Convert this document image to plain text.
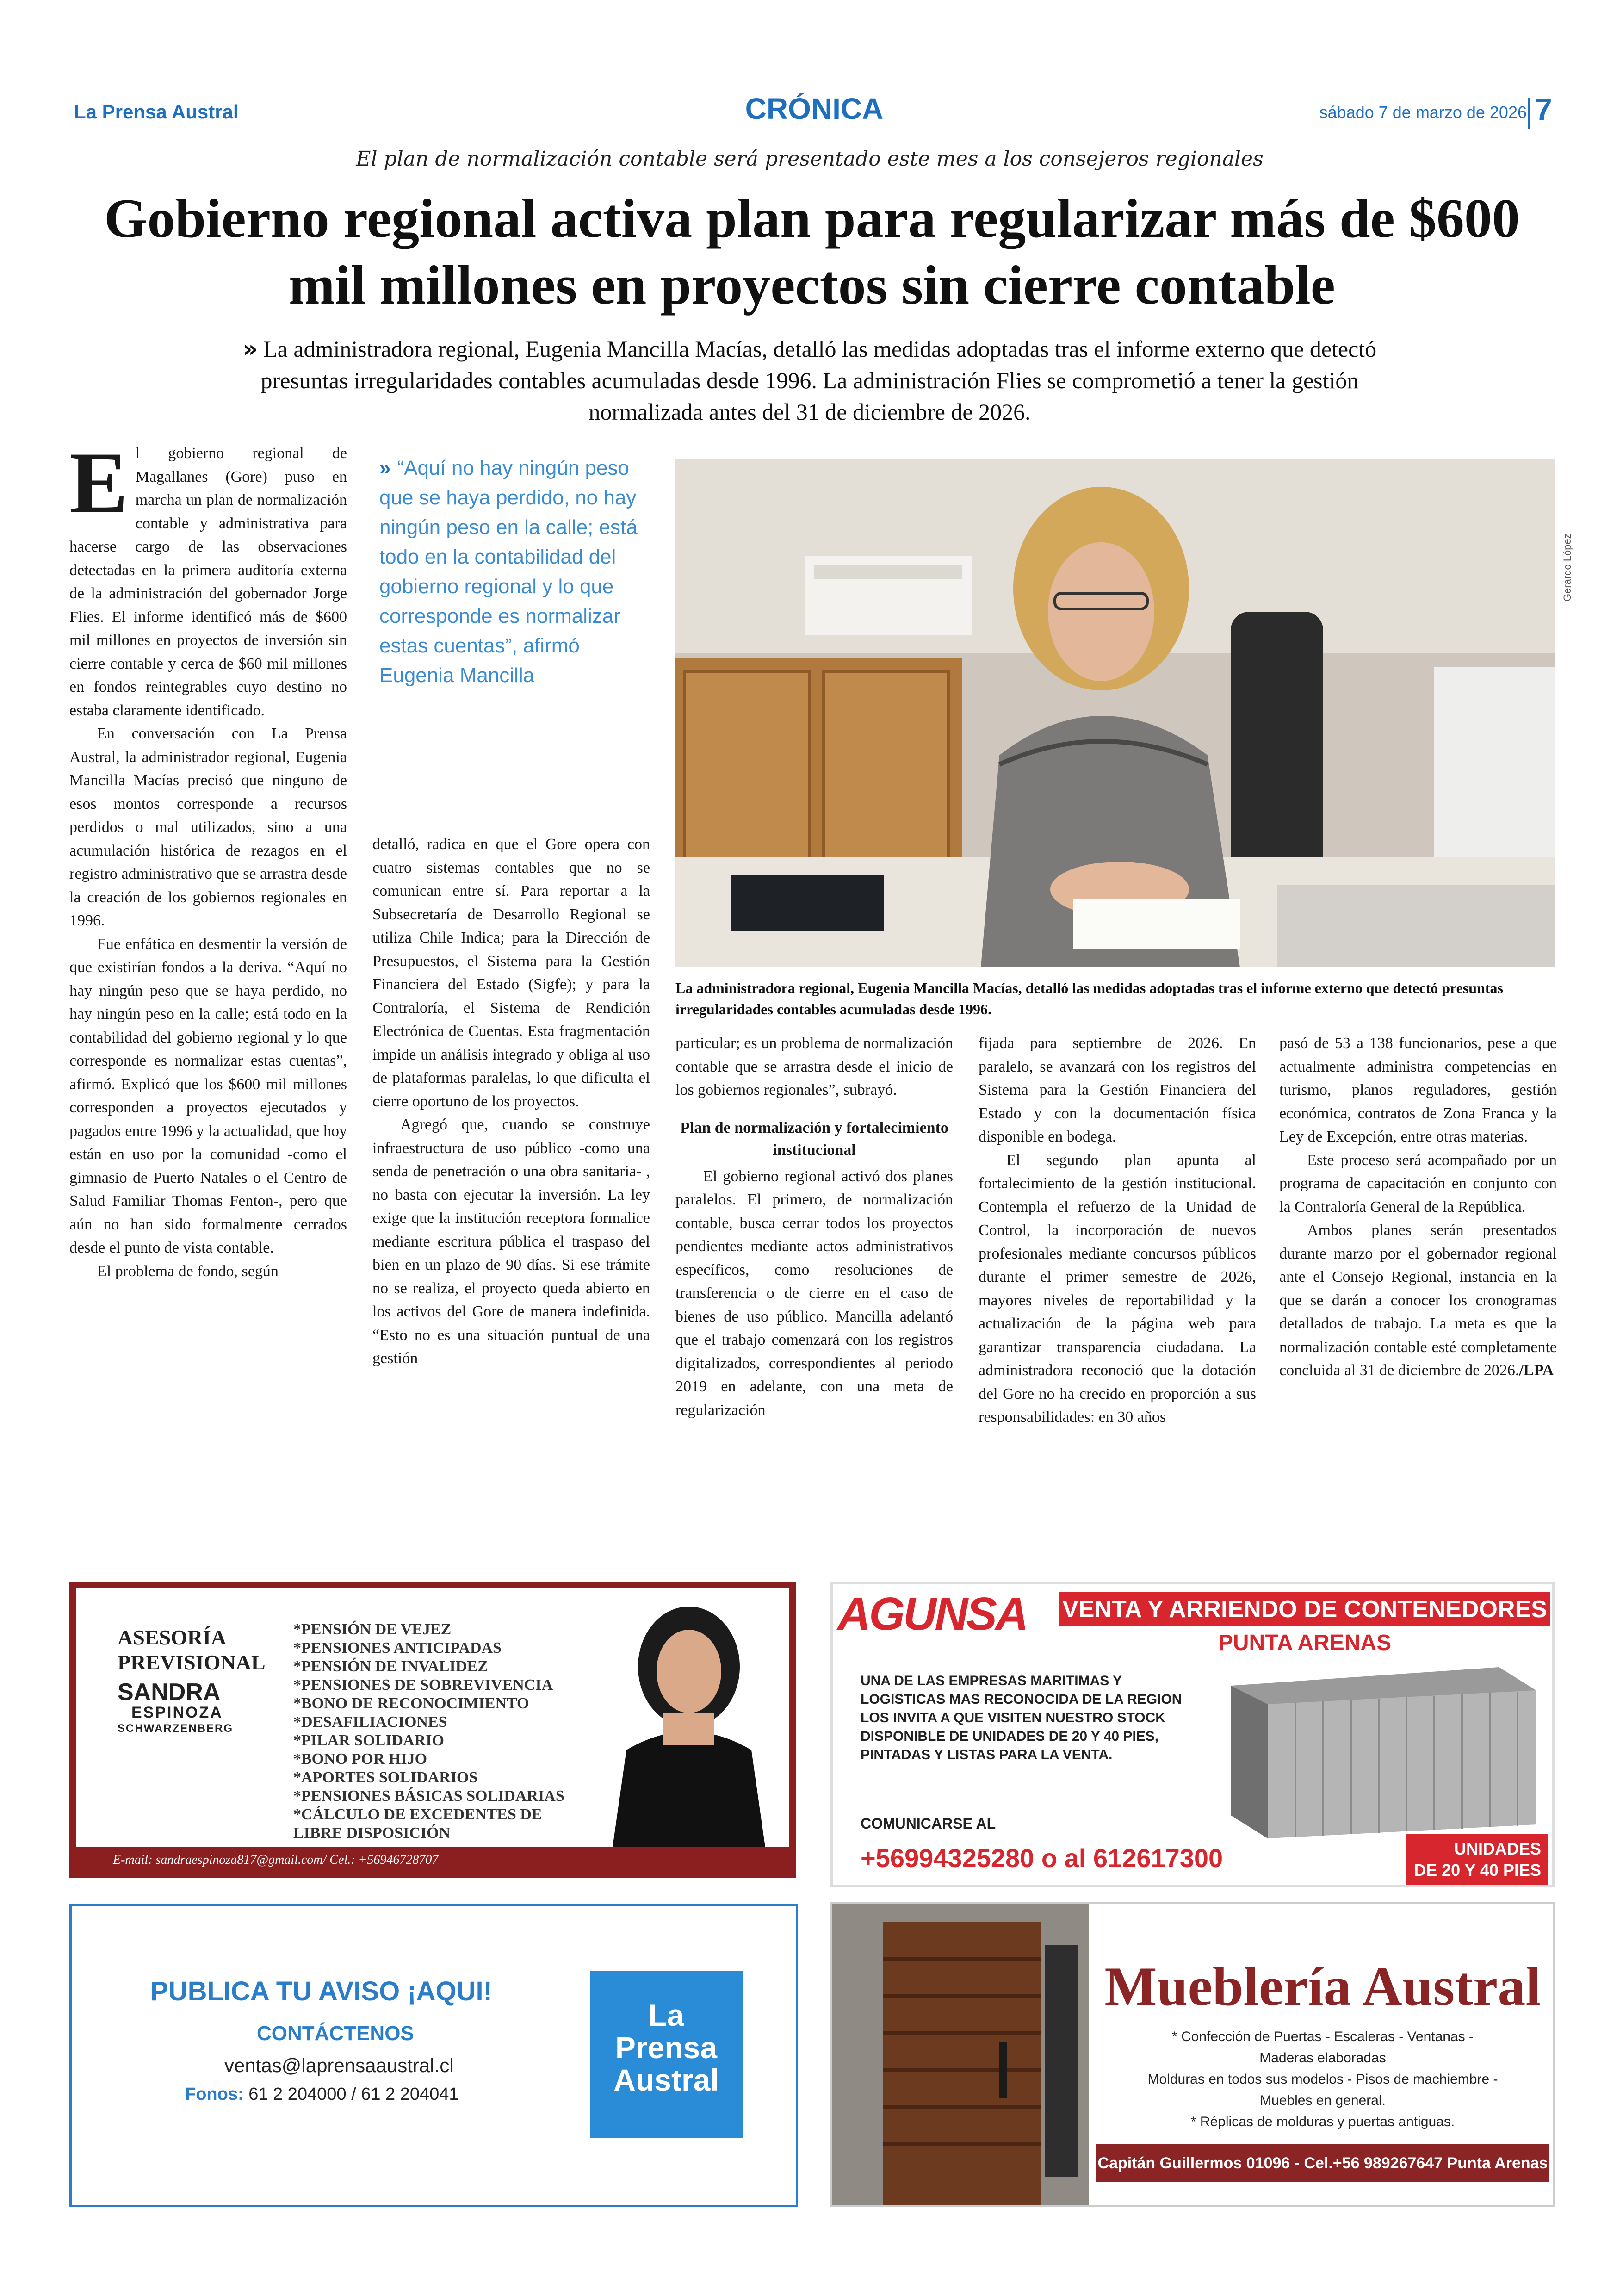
La Prensa Austral	CRÓNICA	sábado 7 de marzo de 2026 7
El plan de normalización contable será presentado este mes a los consejeros regionales
Gobierno regional activa plan para regularizar más de $600 mil millones en proyectos sin cierre contable
» La administradora regional, Eugenia Mancilla Macías, detalló las medidas adoptadas tras el informe externo que detectó presuntas irregularidades contables acumuladas desde 1996. La administración Flies se comprometió a tener la gestión normalizada antes del 31 de diciembre de 2026.

El gobierno regional de Magallanes (Gore) puso en marcha un plan de normalización contable y administrativa para hacerse cargo de las observaciones detectadas en la primera auditoría externa de la administración del gobernador Jorge Flies. El informe identificó más de $600 mil millones en proyectos de inversión sin cierre contable y cerca de $60 mil millones en fondos reintegrables cuyo destino no estaba claramente identificado.

En conversación con La Prensa Austral, la administrador regional, Eugenia Mancilla Macías precisó que ninguno de esos montos corresponde a recursos perdidos o mal utilizados, sino a una acumulación histórica de rezagos en el registro administrativo que se arrastra desde la creación de los gobiernos regionales en 1996.

Fue enfática en desmentir la versión de que existirían fondos a la deriva. “Aquí no hay ningún peso que se haya perdido, no hay ningún peso en la calle; está todo en la contabilidad del gobierno regional y lo que corresponde es normalizar estas cuentas”, afirmó. Explicó que los $600 mil millones corresponden a proyectos ejecutados y pagados entre 1996 y la actualidad, que hoy están en uso por la comunidad -como el gimnasio de Puerto Natales o el Centro de Salud Familiar Thomas Fenton-, pero que aún no han sido formalmente cerrados desde el punto de vista contable.

El problema de fondo, según

» “Aquí no hay ningún peso que se haya perdido, no hay ningún peso en la calle; está todo en la contabilidad del gobierno regional y lo que corresponde es normalizar estas cuentas”, afirmó Eugenia Mancilla

detalló, radica en que el Gore opera con cuatro sistemas contables que no se comunican entre sí. Para reportar a la Subsecretaría de Desarrollo Regional se utiliza Chile Indica; para la Dirección de Presupuestos, el Sistema para la Gestión Financiera del Estado (Sigfe); y para la Contraloría, el Sistema de Rendición Electrónica de Cuentas. Esta fragmentación impide un análisis integrado y obliga al uso de plataformas paralelas, lo que dificulta el cierre oportuno de los proyectos.

Agregó que, cuando se construye infraestructura de uso público -como una senda de penetración o una obra sanitaria- , no basta con ejecutar la inversión. La ley exige que la institución receptora formalice mediante escritura pública el traspaso del bien en un plazo de 90 días. Si ese trámite no se realiza, el proyecto queda abierto en los activos del Gore de manera indefinida. “Esto no es una situación puntual de una gestión

Gerardo López
La administradora regional, Eugenia Mancilla Macías, detalló las medidas adoptadas tras el informe externo que detectó presuntas irregularidades contables acumuladas desde 1996.

particular; es un problema de normalización contable que se arrastra desde el inicio de los gobiernos regionales”, subrayó.

Plan de normalización y fortalecimiento institucional

El gobierno regional activó dos planes paralelos. El primero, de normalización contable, busca cerrar todos los proyectos pendientes mediante actos administrativos específicos, como resoluciones de transferencia o de cierre en el caso de bienes de uso público. Mancilla adelantó que el trabajo comenzará con los registros digitalizados, correspondientes al periodo 2019 en adelante, con una meta de regularización

fijada para septiembre de 2026. En paralelo, se avanzará con los registros del Sistema para la Gestión Financiera del Estado y con la documentación física disponible en bodega.

El segundo plan apunta al fortalecimiento de la gestión institucional. Contempla el refuerzo de la Unidad de Control, la incorporación de nuevos profesionales mediante concursos públicos durante el primer semestre de 2026, mayores niveles de reportabilidad y la actualización de la página web para garantizar transparencia ciudadana. La administradora reconoció que la dotación del Gore no ha crecido en proporción a sus responsabilidades: en 30 años

pasó de 53 a 138 funcionarios, pese a que actualmente administra competencias en turismo, planos reguladores, gestión económica, contratos de Zona Franca y la Ley de Excepción, entre otras materias.

Este proceso será acompañado por un programa de capacitación en conjunto con la Contraloría General de la República.

Ambos planes serán presentados durante marzo por el gobernador regional ante el Consejo Regional, instancia en la que se darán a conocer los cronogramas detallados de trabajo. La meta es que la normalización contable esté completamente concluida al 31 de diciembre de 2026./LPA

ASESORÍA PREVISIONAL
SANDRA
ESPINOZA
SCHWARZENBERG
*PENSIÓN DE VEJEZ
*PENSIONES ANTICIPADAS
*PENSIÓN DE INVALIDEZ
*PENSIONES DE SOBREVIVENCIA
*BONO DE RECONOCIMIENTO
*DESAFILIACIONES
*PILAR SOLIDARIO
*BONO POR HIJO
*APORTES SOLIDARIOS
*PENSIONES BÁSICAS SOLIDARIAS
*CÁLCULO DE EXCEDENTES DE LIBRE DISPOSICIÓN
E-mail: sandraespinoza817@gmail.com/ Cel.: +56946728707
AGUNSA	VENTA Y ARRIENDO DE CONTENEDORES
PUNTA ARENAS
UNA DE LAS EMPRESAS MARITIMAS Y LOGISTICAS MAS RECONOCIDA DE LA REGION LOS INVITA A QUE VISITEN NUESTRO STOCK DISPONIBLE DE UNIDADES DE 20 Y 40 PIES, PINTADAS Y LISTAS PARA LA VENTA.
COMUNICARSE AL
+56994325280 o al 612617300	UNIDADES
DE 20 Y 40 PIES
PUBLICA TU AVISO ¡AQUI!
CONTÁCTENOS
ventas@laprensaaustral.cl
Fonos: 61 2 204000 / 61 2 204041
La
Prensa
Austral
Mueblería Austral
* Confección de Puertas - Escaleras - Ventanas -
Maderas elaboradas
Molduras en todos sus modelos - Pisos de machiembre -
Muebles en general.
* Réplicas de molduras y puertas antiguas.
Capitán Guillermos 01096 - Cel.+56 989267647 Punta Arenas
